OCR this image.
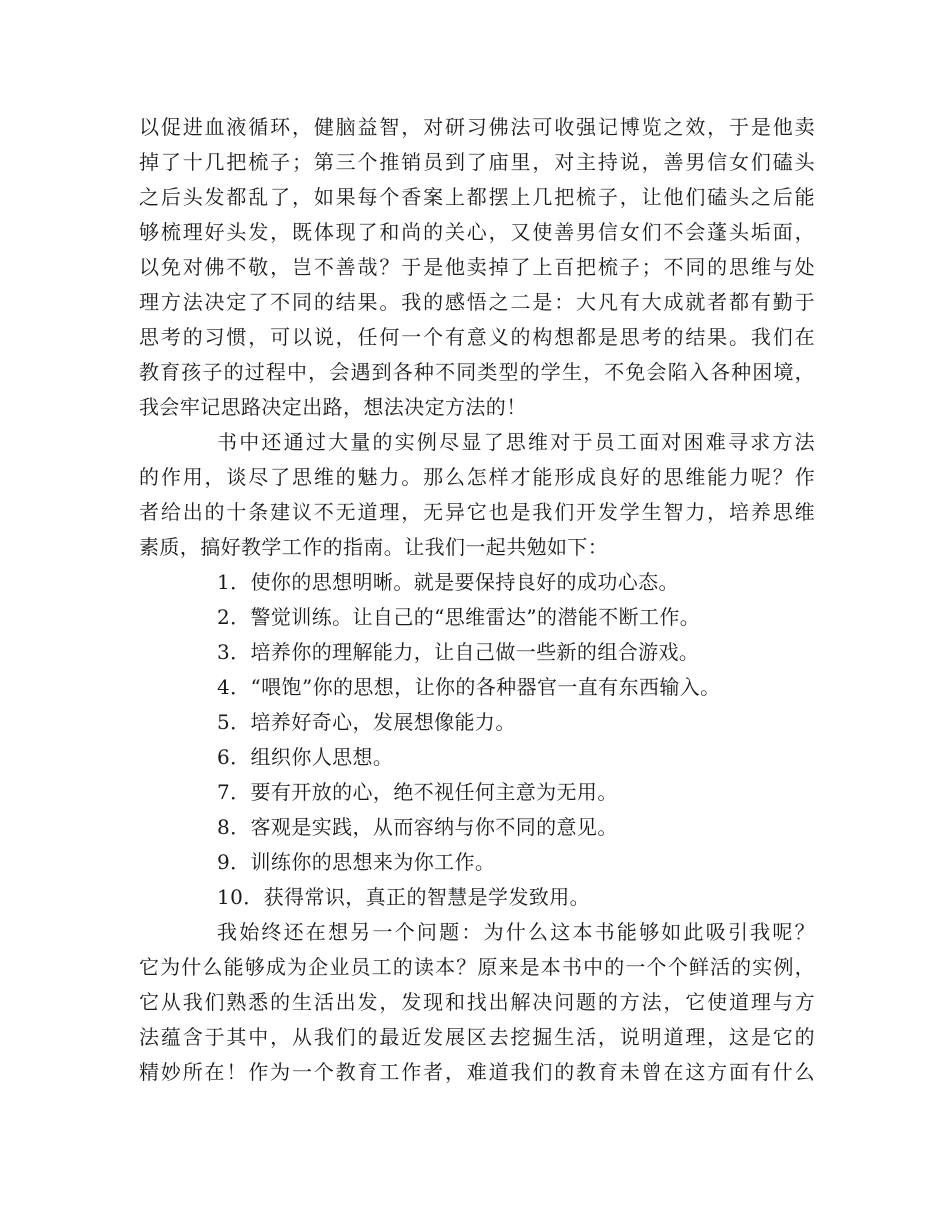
以促进血液循环，健脑益智，对研习佛法可收强记博览之效，于是他卖
掉了十几把梳子；第三个推销员到了庙里，对主持说，善男信女们磕头
之后头发都乱了，如果每个香案上都摆上几把梳子，让他们磕头之后能
够梳理好头发，既体现了和尚的关心，又使善男信女们不会蓬头垢面，
以免对佛不敬，岂不善哉？于是他卖掉了上百把梳子；不同的思维与处
理方法决定了不同的结果。我的感悟之二是：大凡有大成就者都有勤于
思考的习惯，可以说，任何一个有意义的构想都是思考的结果。我们在
教育孩子的过程中，会遇到各种不同类型的学生，不免会陷入各种困境，
我会牢记思路决定出路，想法决定方法的！
书中还通过大量的实例尽显了思维对于员工面对困难寻求方法
的作用，谈尽了思维的魅力。那么怎样才能形成良好的思维能力呢？作
者给出的十条建议不无道理，无异它也是我们开发学生智力，培养思维
素质，搞好教学工作的指南。让我们一起共勉如下：
1．使你的思想明晰。就是要保持良好的成功心态。
2．警觉训练。让自己的“思维雷达”的潜能不断工作。
3．培养你的理解能力，让自己做一些新的组合游戏。
4．“喂饱”你的思想，让你的各种器官一直有东西输入。
5．培养好奇心，发展想像能力。
6．组织你人思想。
7．要有开放的心，绝不视任何主意为无用。
8．客观是实践，从而容纳与你不同的意见。
9．训练你的思想来为你工作。
10．获得常识，真正的智慧是学发致用。
我始终还在想另一个问题：为什么这本书能够如此吸引我呢？
它为什么能够成为企业员工的读本？原来是本书中的一个个鲜活的实例，
它从我们熟悉的生活出发，发现和找出解决问题的方法，它使道理与方
法蕴含于其中，从我们的最近发展区去挖掘生活，说明道理，这是它的
精妙所在！作为一个教育工作者，难道我们的教育未曾在这方面有什么
